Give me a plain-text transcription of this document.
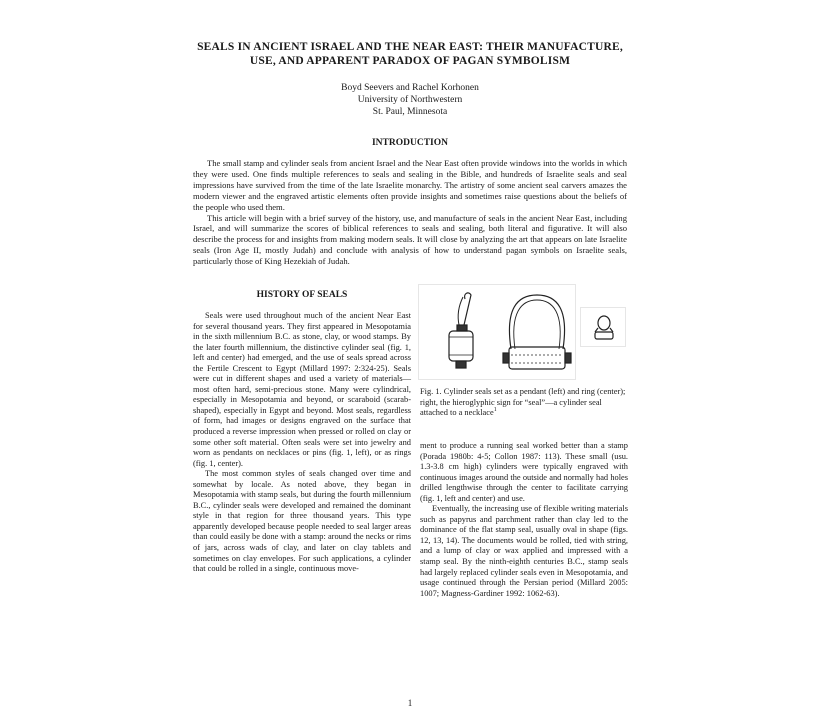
SEALS IN ANCIENT ISRAEL AND THE NEAR EAST: THEIR MANUFACTURE,
USE, AND APPARENT PARADOX OF PAGAN SYMBOLISM
Boyd Seevers and Rachel Korhonen
University of Northwestern
St. Paul, Minnesota
INTRODUCTION

The small stamp and cylinder seals from ancient Israel and the Near East often provide windows into the worlds in which they were used. One finds multiple references to seals and sealing in the Bible, and hundreds of Israelite seals and seal impressions have survived from the time of the late Israelite monarchy. The artistry of some ancient seal carvers amazes the modern viewer and the engraved artistic elements often provide insights and sometimes raise questions about the beliefs of the people who used them.

This article will begin with a brief survey of the history, use, and manufacture of seals in the ancient Near East, including Israel, and will summarize the scores of biblical references to seals and sealing, both literal and figurative. It will also describe the process for and insights from making modern seals. It will close by analyzing the art that appears on late Israelite seals (Iron Age II, mostly Judah) and conclude with analysis of how to understand pagan symbols on Israelite seals, particularly those of King Hezekiah of Judah.

HISTORY OF SEALS

Seals were used throughout much of the ancient Near East for several thousand years. They first appeared in Mesopotamia in the sixth millennium B.C. as stone, clay, or wood stamps. By the later fourth millennium, the distinctive cylinder seal (fig. 1, left and center) had emerged, and the use of seals spread across the Fertile Crescent to Egypt (Millard 1997: 2:324-25). Seals were cut in different shapes and used a variety of materials—most often hard, semi-precious stone. Many were cylindrical, especially in Mesopotamia and beyond, or scaraboid (scarab-shaped), especially in Egypt and beyond. Most seals, regardless of form, had images or designs engraved on the surface that produced a reverse impression when pressed or rolled on clay or some other soft material. Often seals were set into jewelry and worn as pendants on necklaces or pins (fig. 1, left), or as rings (fig. 1, center).

The most common styles of seals changed over time and somewhat by locale. As noted above, they began in Mesopotamia with stamp seals, but during the fourth millennium B.C., cylinder seals were developed and remained the dominant style in that region for three thousand years. This type apparently developed because people needed to seal larger areas than could easily be done with a stamp: around the necks or rims of jars, across wads of clay, and later on clay tablets and sometimes on clay envelopes. For such applications, a cylinder that could be rolled in a single, continuous move-

Fig. 1. Cylinder seals set as a pendant (left) and ring (center); right, the hieroglyphic sign for “seal”—a cylinder seal attached to a necklace$^1$

ment to produce a running seal worked better than a stamp (Porada 1980b: 4-5; Collon 1987: 113). These small (usu. 1.3-3.8 cm high) cylinders were typically engraved with continuous images around the outside and normally had holes drilled lengthwise through the center to facilitate carrying (fig. 1, left and center) and use.

Eventually, the increasing use of flexible writing materials such as papyrus and parchment rather than clay led to the dominance of the flat stamp seal, usually oval in shape (figs. 12, 13, 14). The documents would be rolled, tied with string, and a lump of clay or wax applied and impressed with a stamp seal. By the ninth-eighth centuries B.C., stamp seals had largely replaced cylinder seals even in Mesopotamia, and usage continued through the Persian period (Millard 2005: 1007; Magness-Gardiner 1992: 1062-63).

1
